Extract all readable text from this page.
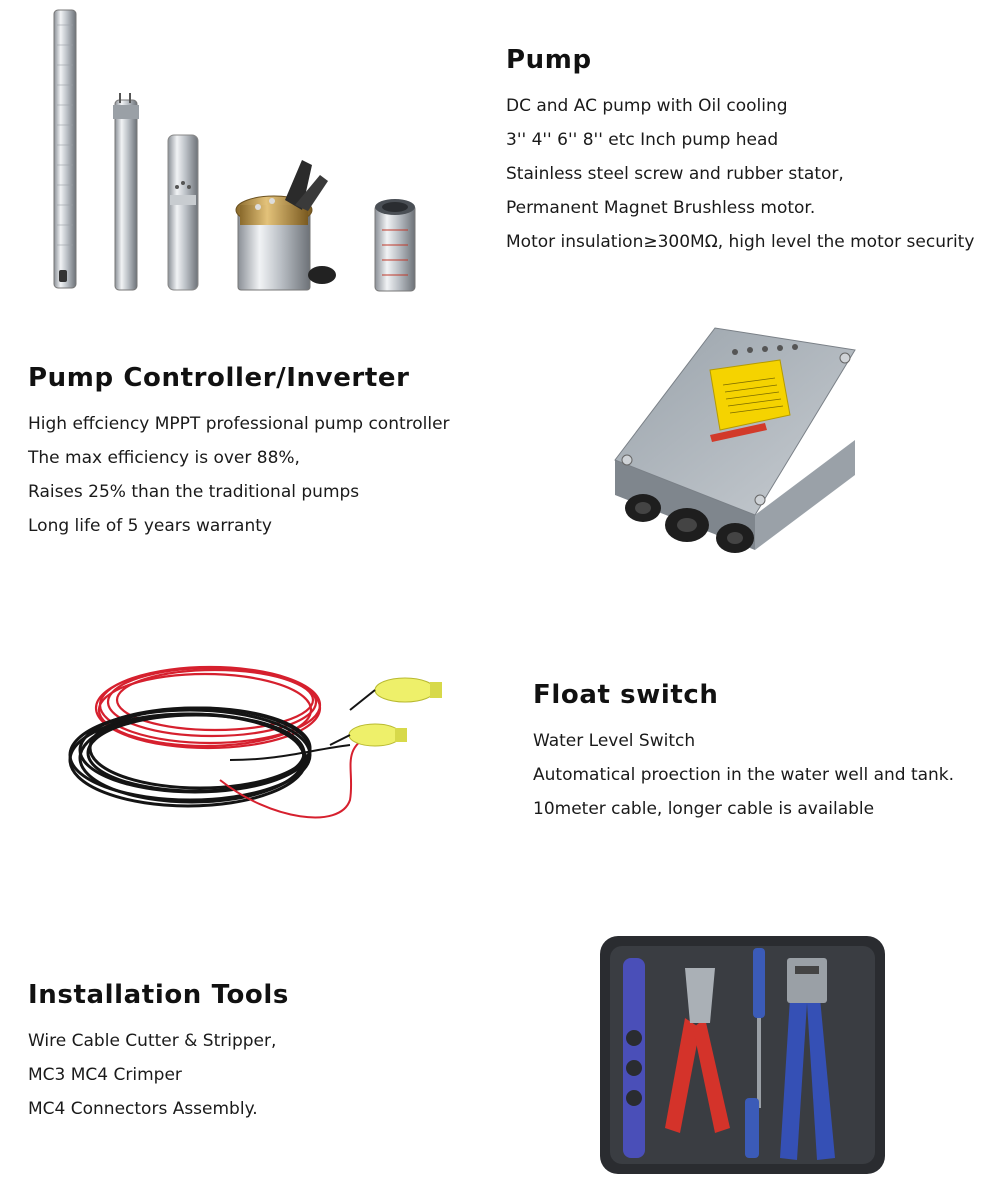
Pump
DC and AC pump with Oil cooling
3'' 4'' 6'' 8'' etc Inch pump head
Stainless steel screw and rubber stator,
Permanent Magnet Brushless motor.
Motor insulation≥300MΩ, high level the motor security
Pump Controller/Inverter
High effciency MPPT professional pump controller
The max efficiency is over 88%,
Raises 25% than the traditional pumps
Long life of 5 years warranty
Float switch
Water Level Switch
Automatical proection in the water well and tank.
10meter cable, longer cable is available
Installation Tools
Wire Cable Cutter & Stripper,
MC3 MC4 Crimper
MC4 Connectors Assembly.
